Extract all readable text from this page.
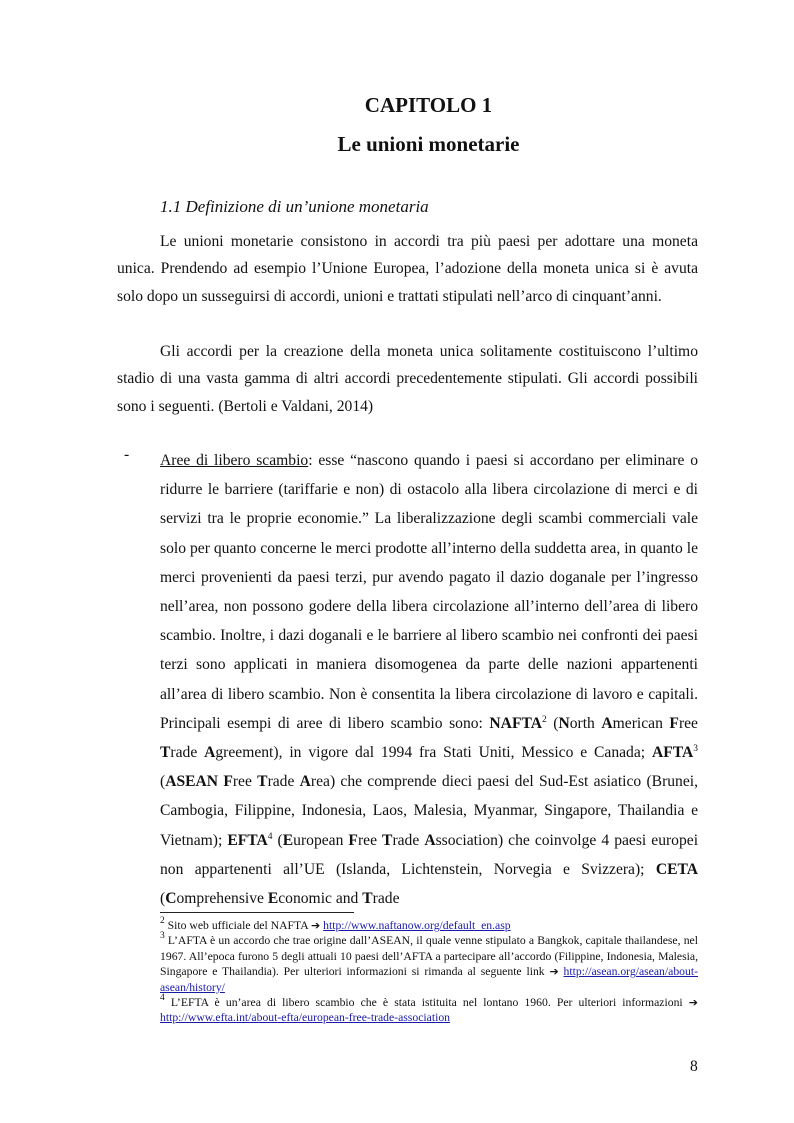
CAPITOLO 1
Le unioni monetarie
1.1 Definizione di un’unione monetaria

Le unioni monetarie consistono in accordi tra più paesi per adottare una moneta unica. Prendendo ad esempio l’Unione Europea, l’adozione della moneta unica si è avuta solo dopo un susseguirsi di accordi, unioni e trattati stipulati nell’arco di cinquant’anni.

Gli accordi per la creazione della moneta unica solitamente costituiscono l’ultimo stadio di una vasta gamma di altri accordi precedentemente stipulati. Gli accordi possibili sono i seguenti. (Bertoli e Valdani, 2014)

- Aree di libero scambio: esse “nascono quando i paesi si accordano per eliminare o ridurre le barriere (tariffarie e non) di ostacolo alla libera circolazione di merci e di servizi tra le proprie economie.” La liberalizzazione degli scambi commerciali vale solo per quanto concerne le merci prodotte all’interno della suddetta area, in quanto le merci provenienti da paesi terzi, pur avendo pagato il dazio doganale per l’ingresso nell’area, non possono godere della libera circolazione all’interno dell’area di libero scambio. Inoltre, i dazi doganali e le barriere al libero scambio nei confronti dei paesi terzi sono applicati in maniera disomogenea da parte delle nazioni appartenenti all’area di libero scambio. Non è consentita la libera circolazione di lavoro e capitali. Principali esempi di aree di libero scambio sono: NAFTA$^2$ (North American Free Trade Agreement), in vigore dal 1994 fra Stati Uniti, Messico e Canada; AFTA$^3$ (ASEAN Free Trade Area) che comprende dieci paesi del Sud-Est asiatico (Brunei, Cambogia, Filippine, Indonesia, Laos, Malesia, Myanmar, Singapore, Thailandia e Vietnam); EFTA$^4$ (European Free Trade Association) che coinvolge 4 paesi europei non appartenenti all’UE (Islanda, Lichtenstein, Norvegia e Svizzera); CETA (Comprehensive Economic and Trade

$^2$ Sito web ufficiale del NAFTA ➔ http://www.naftanow.org/default_en.asp

$^3$ L’AFTA è un accordo che trae origine dall’ASEAN, il quale venne stipulato a Bangkok, capitale thailandese, nel 1967. All’epoca furono 5 degli attuali 10 paesi dell’AFTA a partecipare all’accordo (Filippine, Indonesia, Malesia, Singapore e Thailandia). Per ulteriori informazioni si rimanda al seguente link ➔ http://asean.org/asean/about-asean/history/

$^4$ L’EFTA è un’area di libero scambio che è stata istituita nel lontano 1960. Per ulteriori informazioni ➔ http://www.efta.int/about-efta/european-free-trade-association

8
